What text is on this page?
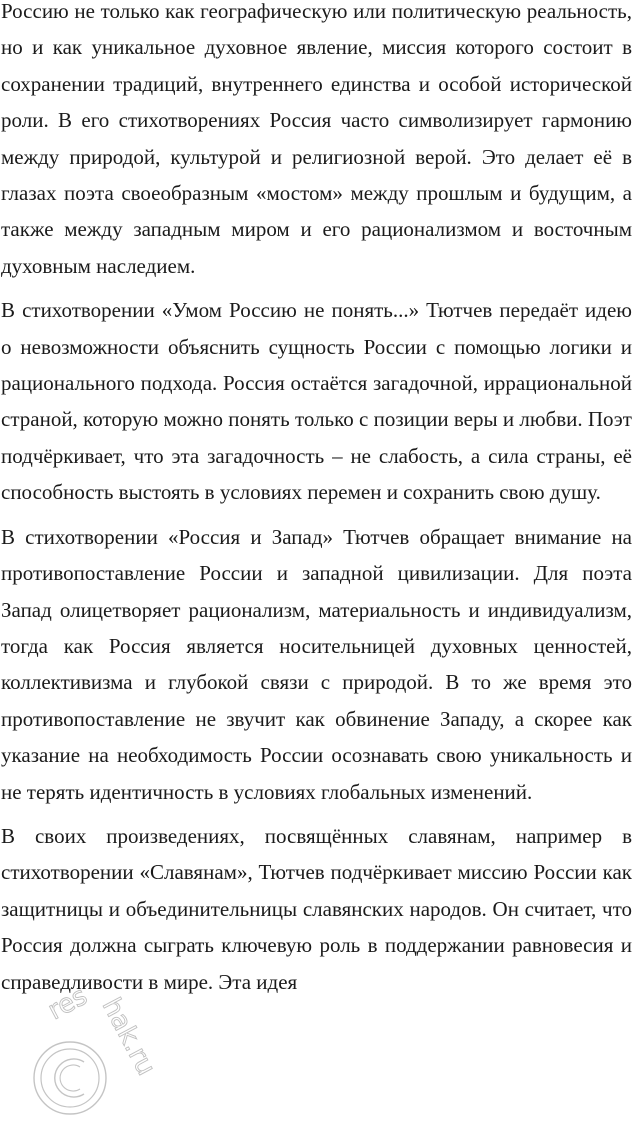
Россию не только как географическую или политическую реальность, но и как уникальное духовное явление, миссия которого состоит в сохранении традиций, внутреннего единства и особой исторической роли. В его стихотворениях Россия часто символизирует гармонию между природой, культурой и религиозной верой. Это делает её в глазах поэта своеобразным «мостом» между прошлым и будущим, а также между западным миром и его рационализмом и восточным духовным наследием.

В стихотворении «Умом Россию не понять...» Тютчев передаёт идею о невозможности объяснить сущность России с помощью логики и рационального подхода. Россия остаётся загадочной, иррациональной страной, которую можно понять только с позиции веры и любви. Поэт подчёркивает, что эта загадочность – не слабость, а сила страны, её способность выстоять в условиях перемен и сохранить свою душу.

В стихотворении «Россия и Запад» Тютчев обращает внимание на противопоставление России и западной цивилизации. Для поэта Запад олицетворяет рационализм, материальность и индивидуализм, тогда как Россия является носительницей духовных ценностей, коллективизма и глубокой связи с природой. В то же время это противопоставление не звучит как обвинение Западу, а скорее как указание на необходимость России осознавать свою уникальность и не терять идентичность в условиях глобальных изменений.

В своих произведениях, посвящённых славянам, например в стихотворении «Славянам», Тютчев подчёркивает миссию России как защитницы и объединительницы славянских народов. Он считает, что Россия должна сыграть ключевую роль в поддержании равновесия и справедливости в мире. Эта идея

res hak.ru
